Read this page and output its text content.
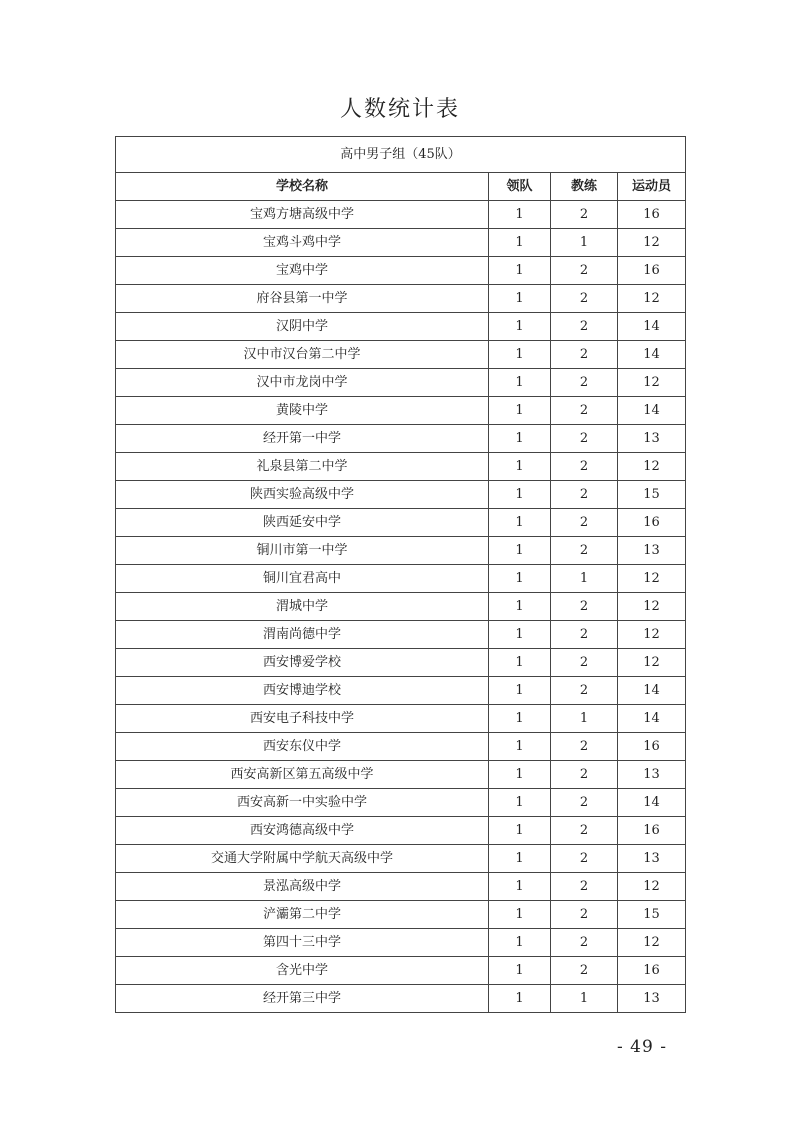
人数统计表
高中男子组（45队）			
学校名称	领队	教练	运动员
宝鸡方塘高级中学	1	2	16
宝鸡斗鸡中学	1	1	12
宝鸡中学	1	2	16
府谷县第一中学	1	2	12
汉阴中学	1	2	14
汉中市汉台第二中学	1	2	14
汉中市龙岗中学	1	2	12
黄陵中学	1	2	14
经开第一中学	1	2	13
礼泉县第二中学	1	2	12
陕西实验高级中学	1	2	15
陕西延安中学	1	2	16
铜川市第一中学	1	2	13
铜川宜君高中	1	1	12
渭城中学	1	2	12
渭南尚德中学	1	2	12
西安博爱学校	1	2	12
西安博迪学校	1	2	14
西安电子科技中学	1	1	14
西安东仪中学	1	2	16
西安高新区第五高级中学	1	2	13
西安高新一中实验中学	1	2	14
西安鸿德高级中学	1	2	16
交通大学附属中学航天高级中学	1	2	13
景泓高级中学	1	2	12
浐灞第二中学	1	2	15
第四十三中学	1	2	12
含光中学	1	2	16
经开第三中学	1	1	13
- 49 -
